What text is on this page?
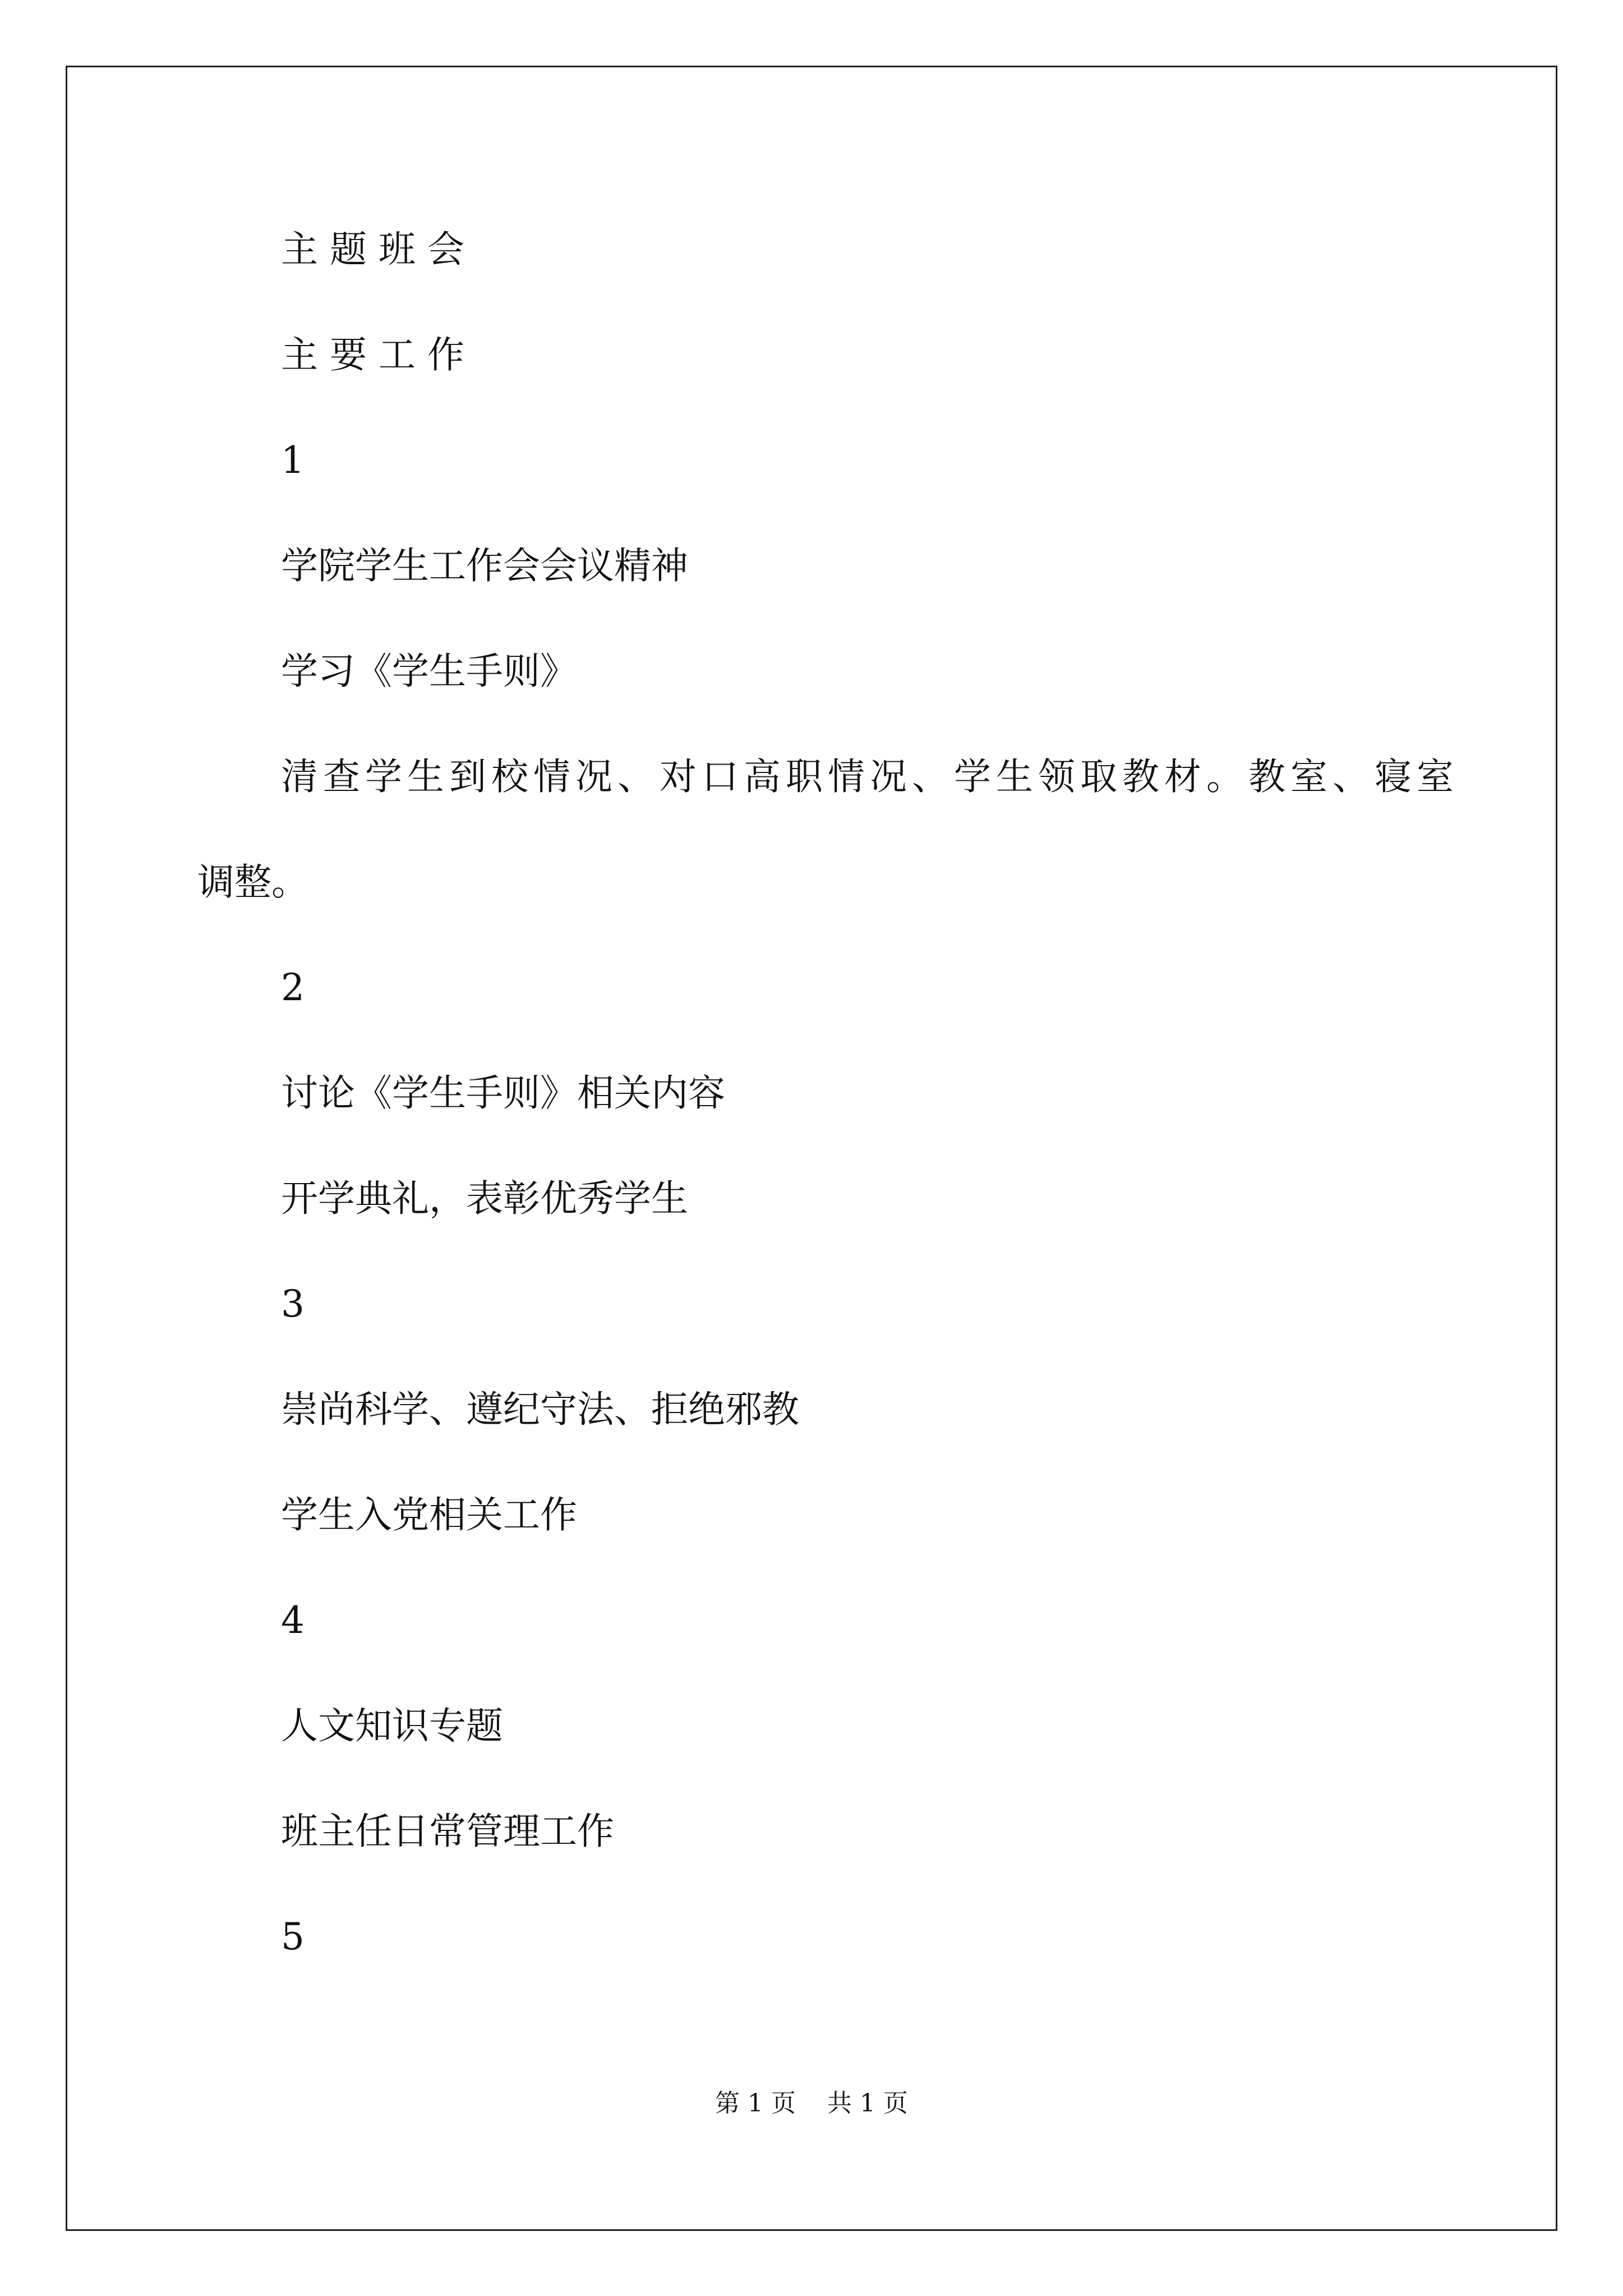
主 题 班 会
主 要 工 作
1
学院学生工作会会议精神
学习《学生手则》
清查学生到校情况、对口高职情况、学生领取教材。教室、寝室
调整。
2
讨论《学生手则》相关内容
开学典礼，表彰优秀学生
3
崇尚科学、遵纪守法、拒绝邪教
学生入党相关工作
4
人文知识专题
班主任日常管理工作
5
第 1 页    共 1 页
